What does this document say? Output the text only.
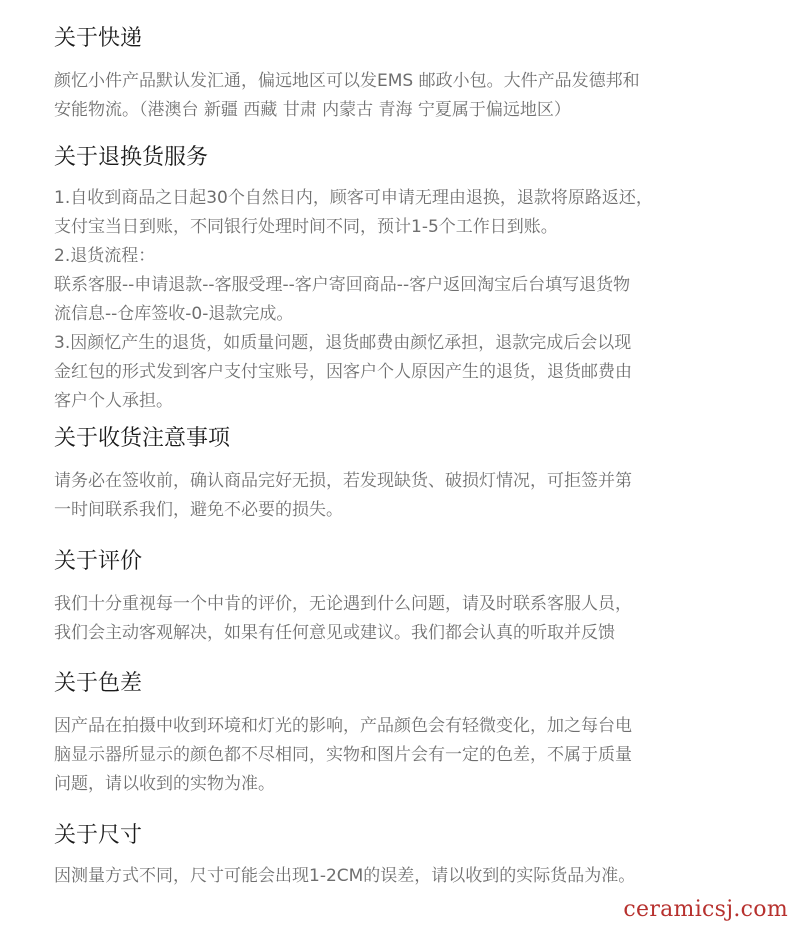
关于快递

颜忆小件产品默认发汇通，偏远地区可以发EMS 邮政小包。大件产品发德邦和
安能物流。（港澳台 新疆 西藏 甘肃 内蒙古 青海 宁夏属于偏远地区）

关于退换货服务

1.自收到商品之日起30个自然日内，顾客可申请无理由退换，退款将原路返还，
支付宝当日到账，不同银行处理时间不同，预计1-5个工作日到账。
2.退货流程：
联系客服--申请退款--客服受理--客户寄回商品--客户返回淘宝后台填写退货物
流信息--仓库签收-0-退款完成。
3.因颜忆产生的退货，如质量问题，退货邮费由颜忆承担，退款完成后会以现
金红包的形式发到客户支付宝账号，因客户个人原因产生的退货，退货邮费由
客户个人承担。

关于收货注意事项

请务必在签收前，确认商品完好无损，若发现缺货、破损灯情况，可拒签并第
一时间联系我们，避免不必要的损失。

关于评价

我们十分重视每一个中肯的评价，无论遇到什么问题，请及时联系客服人员，
我们会主动客观解决，如果有任何意见或建议。我们都会认真的听取并反馈

关于色差

因产品在拍摄中收到环境和灯光的影响，产品颜色会有轻微变化，加之每台电
脑显示器所显示的颜色都不尽相同，实物和图片会有一定的色差，不属于质量
问题，请以收到的实物为准。

关于尺寸

因测量方式不同，尺寸可能会出现1-2CM的误差，请以收到的实际货品为准。

ceramicsj.com
